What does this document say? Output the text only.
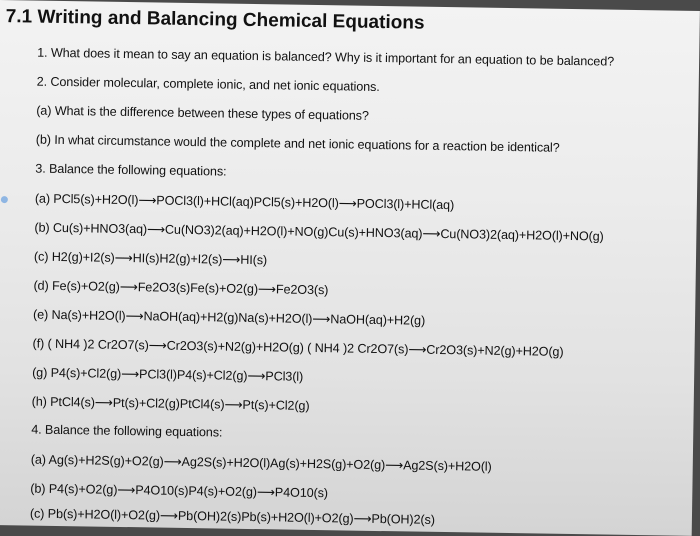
7.1 Writing and Balancing Chemical Equations
1. What does it mean to say an equation is balanced? Why is it important for an equation to be balanced?
2. Consider molecular, complete ionic, and net ionic equations.
(a) What is the difference between these types of equations?
(b) In what circumstance would the complete and net ionic equations for a reaction be identical?
3. Balance the following equations:
(a) PCl5(s)+H2O(l)⟶POCl3(l)+HCl(aq)PCl5(s)+H2O(l)⟶POCl3(l)+HCl(aq)
(b) Cu(s)+HNO3(aq)⟶Cu(NO3)2(aq)+H2O(l)+NO(g)Cu(s)+HNO3(aq)⟶Cu(NO3)2(aq)+H2O(l)+NO(g)
(c) H2(g)+I2(s)⟶HI(s)H2(g)+I2(s)⟶HI(s)
(d) Fe(s)+O2(g)⟶Fe2O3(s)Fe(s)+O2(g)⟶Fe2O3(s)
(e) Na(s)+H2O(l)⟶NaOH(aq)+H2(g)Na(s)+H2O(l)⟶NaOH(aq)+H2(g)
(f) ( NH4 )2 Cr2O7(s)⟶Cr2O3(s)+N2(g)+H2O(g) ( NH4 )2 Cr2O7(s)⟶Cr2O3(s)+N2(g)+H2O(g)
(g) P4(s)+Cl2(g)⟶PCl3(l)P4(s)+Cl2(g)⟶PCl3(l)
(h) PtCl4(s)⟶Pt(s)+Cl2(g)PtCl4(s)⟶Pt(s)+Cl2(g)
4. Balance the following equations:
(a) Ag(s)+H2S(g)+O2(g)⟶Ag2S(s)+H2O(l)Ag(s)+H2S(g)+O2(g)⟶Ag2S(s)+H2O(l)
(b) P4(s)+O2(g)⟶P4O10(s)P4(s)+O2(g)⟶P4O10(s)
(c) Pb(s)+H2O(l)+O2(g)⟶Pb(OH)2(s)Pb(s)+H2O(l)+O2(g)⟶Pb(OH)2(s)
